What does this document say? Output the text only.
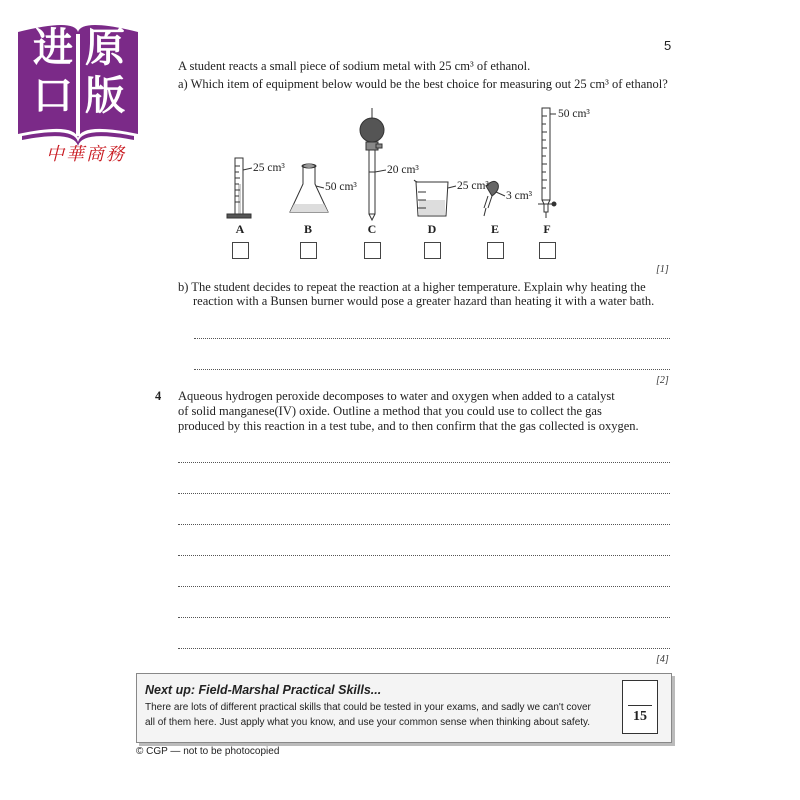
进 原
口 版
中華商務
5
A student reacts a small piece of sodium metal with 25 cm³ of ethanol.
a) Which item of equipment below would be the best choice for measuring out 25 cm³ of ethanol?
25 cm³
50 cm³
20 cm³
25 cm³
3 cm³
50 cm³
A	B	C	D	E	F
[1]
b) The student decides to repeat the reaction at a higher temperature. Explain why heating the
reaction with a Bunsen burner would pose a greater hazard than heating it with a water bath.
[2]
4 Aqueous hydrogen peroxide decomposes to water and oxygen when added to a catalyst
of solid manganese(IV) oxide. Outline a method that you could use to collect the gas
produced by this reaction in a test tube, and to then confirm that the gas collected is oxygen.
[4]
Next up: Field-Marshal Practical Skills...
There are lots of different practical skills that could be tested in your exams, and sadly we can't cover
all of them here. Just apply what you know, and use your common sense when thinking about safety.	15
© CGP — not to be photocopied
